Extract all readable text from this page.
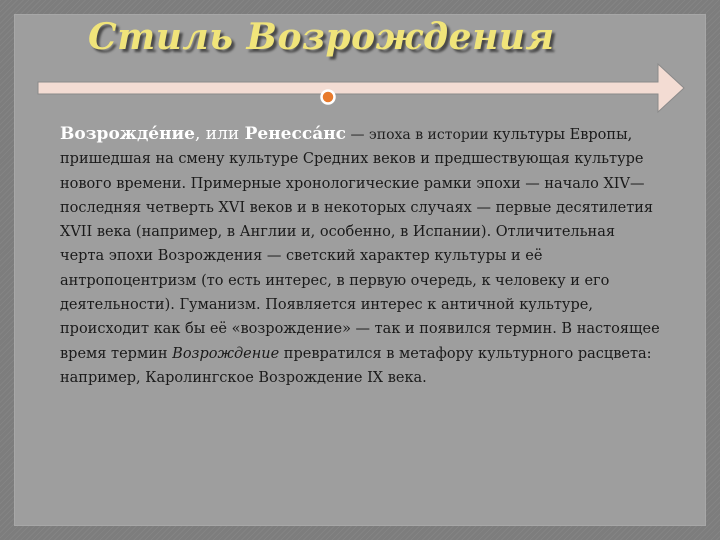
Стиль Возрождения

Возрожде́ние, или Ренесса́нс — эпоха в истории культуры Европы, пришедшая на смену культуре Средних веков и предшествующая культуре нового времени. Примерные хронологические рамки эпохи — начало XIV— последняя четверть XVI веков и в некоторых случаях — первые десятилетия XVII века (например, в Англии и, особенно, в Испании). Отличительная черта эпохи Возрождения — светский характер культуры и её антропоцентризм (то есть интерес, в первую очередь, к человеку и его деятельности). Гуманизм. Появляется интерес к античной культуре, происходит как бы её «возрождение» — так и появился термин. В настоящее время термин Возрождение превратился в метафору культурного расцвета: например, Каролингское Возрождение IX века.
